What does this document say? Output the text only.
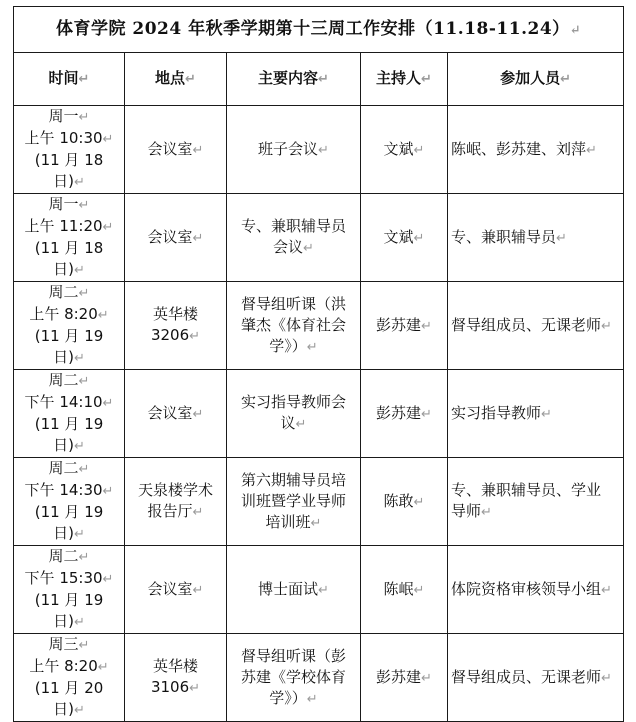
体育学院 2024 年秋季学期第十三周工作安排（11.18-11.24）↵				
时间↵	地点↵	主要内容↵	主持人↵	参加人员↵

周一↵
上午 10:30↵
(11 月 18 日)↵	会议室↵	班子会议↵	文斌↵	陈岷、彭苏建、刘萍↵

周一↵
上午 11:20↵
(11 月 18 日)↵	会议室↵	专、兼职辅导员
会议↵	文斌↵	专、兼职辅导员↵

周二↵
上午 8:20↵
(11 月 19 日)↵	英华楼 3206↵	督导组听课（洪
肇杰《体育社会
学》）↵	彭苏建↵	督导组成员、无课老师↵

周二↵
下午 14:10↵
(11 月 19 日)↵	会议室↵	实习指导教师会
议↵	彭苏建↵	实习指导教师↵

周二↵
下午 14:30↵
(11 月 19 日)↵	天泉楼学术
报告厅↵	第六期辅导员培
训班暨学业导师
培训班↵	陈敢↵	专、兼职辅导员、学业
导师↵

周二↵
下午 15:30↵
(11 月 19 日)↵	会议室↵	博士面试↵	陈岷↵	体院资格审核领导小组↵

周三↵
上午 8:20↵
(11 月 20 日)↵	英华楼 3106↵	督导组听课（彭
苏建《学校体育
学》）↵	彭苏建↵	督导组成员、无课老师↵
